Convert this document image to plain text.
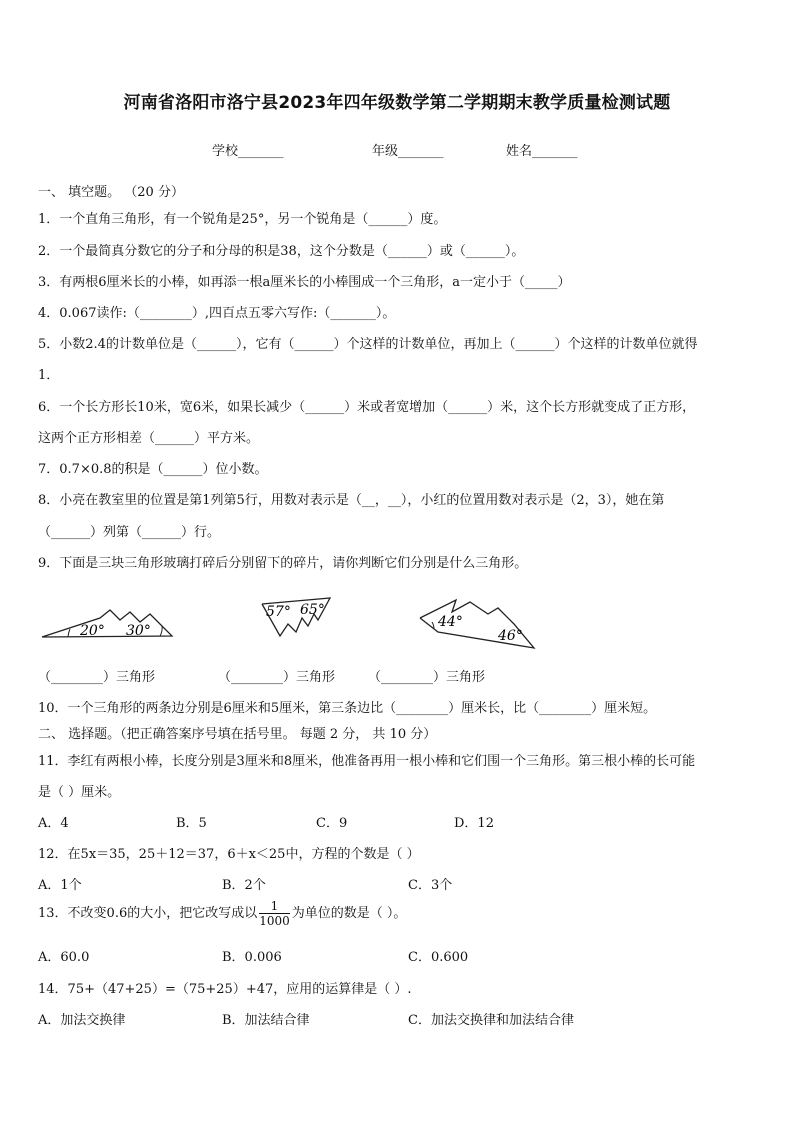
河南省洛阳市洛宁县2023年四年级数学第二学期期末教学质量检测试题
学校_______	年级_______	姓名_______
一、 填空题。 （20 分）
1．一个直角三角形，有一个锐角是25°，另一个锐角是（______）度。
2．一个最简真分数它的分子和分母的积是38，这个分数是（______）或（______）。
3．有两根6厘米长的小棒，如再添一根a厘米长的小棒围成一个三角形，a一定小于（_____）
4．0.067读作:（________）,四百点五零六写作:（_______）。
5．小数2.4的计数单位是（______），它有（______）个这样的计数单位，再加上（______）个这样的计数单位就得
1．
6．一个长方形长10米，宽6米，如果长减少（______）米或者宽增加（______）米，这个长方形就变成了正方形，
这两个正方形相差（______）平方米。
7．0.7×0.8的积是（______）位小数。
8．小亮在教室里的位置是第1列第5行，用数对表示是（__，__），小红的位置用数对表示是（2，3），她在第
（______）列第（______）行。
9．下面是三块三角形玻璃打碎后分别留下的碎片，请你判断它们分别是什么三角形。
20° 30°
57° 65°
44°
46°
（________）三角形	（________）三角形	（________）三角形
10．一个三角形的两条边分别是6厘米和5厘米，第三条边比（________）厘米长，比（________）厘米短。
二、 选择题。（把正确答案序号填在括号里。 每题 2 分， 共 10 分）
11．李红有两根小棒，长度分别是3厘米和8厘米，他准备再用一根小棒和它们围一个三角形。第三根小棒的长可能
是（ ）厘米。
A．4	B．5	C．9	D．12
12．在5x＝35，25＋12＝37，6＋x＜25中，方程的个数是（ ）
A．1个	B．2个	C．3个
13．不改变0.6的大小，把它改写成以 $\frac{1}{1000}$ 为单位的数是（ ）。
A．60.0	B．0.006	C．0.600
14．75+（47+25）=（75+25）+47，应用的运算律是（ ）.
A．加法交换律	B．加法结合律	C．加法交换律和加法结合律
